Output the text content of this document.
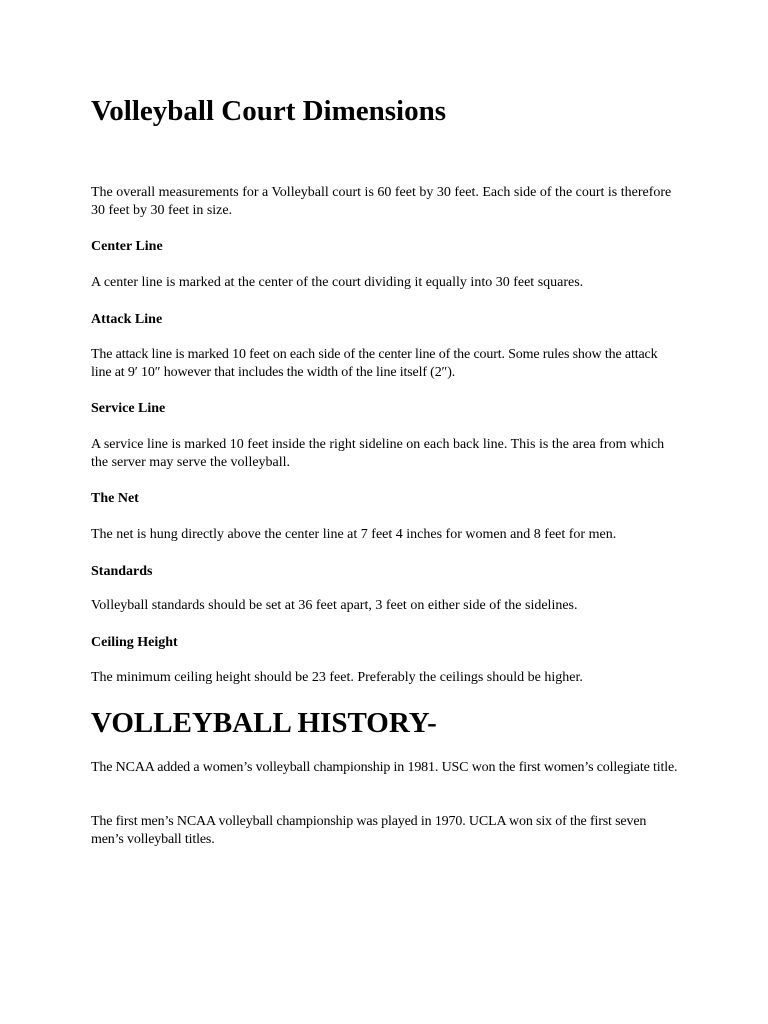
Volleyball Court Dimensions

The overall measurements for a Volleyball court is 60 feet by 30 feet. Each side of the court is therefore 30 feet by 30 feet in size.

Center Line

A center line is marked at the center of the court dividing it equally into 30 feet squares.

Attack Line

The attack line is marked 10 feet on each side of the center line of the court. Some rules show the attack line at 9′ 10″ however that includes the width of the line itself (2″).

Service Line

A service line is marked 10 feet inside the right sideline on each back line. This is the area from which the server may serve the volleyball.

The Net

The net is hung directly above the center line at 7 feet 4 inches for women and 8 feet for men.

Standards

Volleyball standards should be set at 36 feet apart, 3 feet on either side of the sidelines.

Ceiling Height

The minimum ceiling height should be 23 feet. Preferably the ceilings should be higher.

VOLLEYBALL HISTORY-

The NCAA added a women’s volleyball championship in 1981. USC won the first women’s collegiate title.

The first men’s NCAA volleyball championship was played in 1970. UCLA won six of the first seven men’s volleyball titles.
